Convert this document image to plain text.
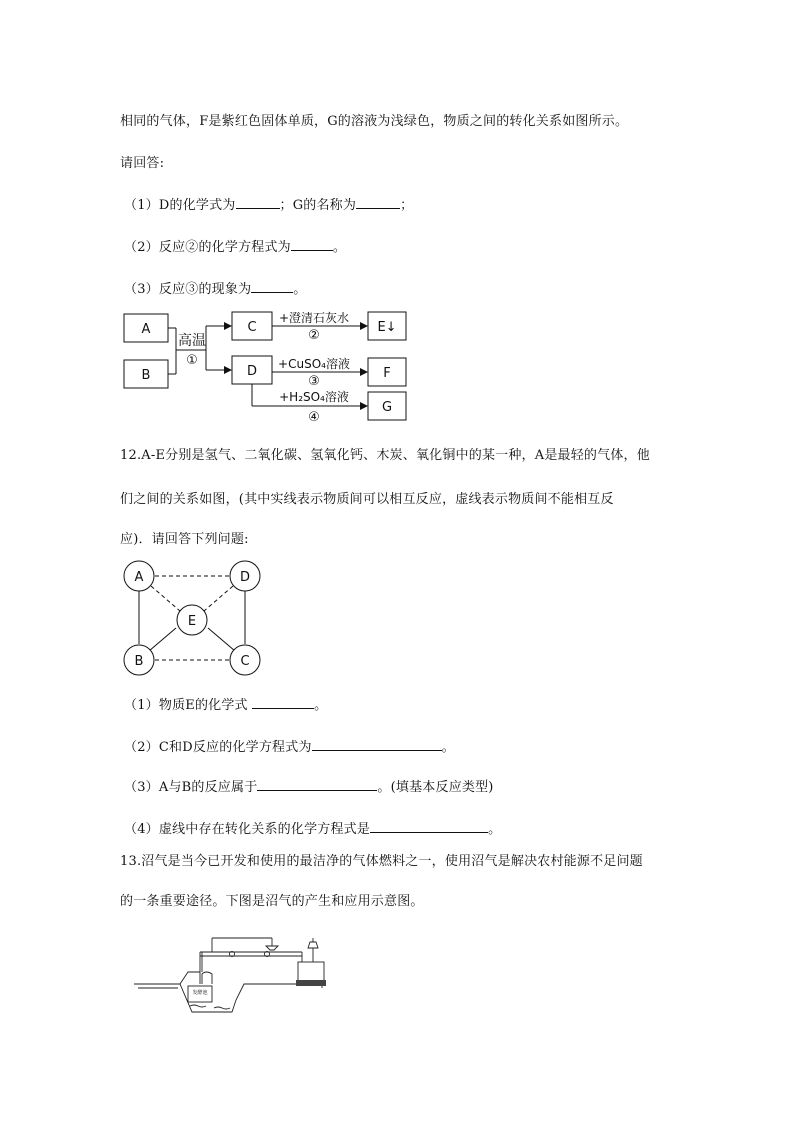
相同的气体，F是紫红色固体单质，G的溶液为浅绿色，物质之间的转化关系如图所示。
请回答:
（1）D的化学式为	；G的名称为	；
（2）反应②的化学方程式为	。
（3）反应③的现象为	。
A
B
C
D
E↓
F
G
高温
①
+澄清石灰水
②
+CuSO₄溶液
③
+H₂SO₄溶液
④
12.A-E分别是氢气、二氧化碳、氢氧化钙、木炭、氧化铜中的某一种，A是最轻的气体，他
们之间的关系如图，(其中实线表示物质间可以相互反应，虚线表示物质间不能相互反
应)．请回答下列问题:
A	D
E
B	C
（1）物质E的化学式	。
（2）C和D反应的化学方程式为	。
（3）A与B的反应属于	。(填基本反应类型)
（4）虚线中存在转化关系的化学方程式是	。
13.沼气是当今已开发和使用的最洁净的气体燃料之一，使用沼气是解决农村能源不足问题
的一条重要途径。下图是沼气的产生和应用示意图。
发酵池
